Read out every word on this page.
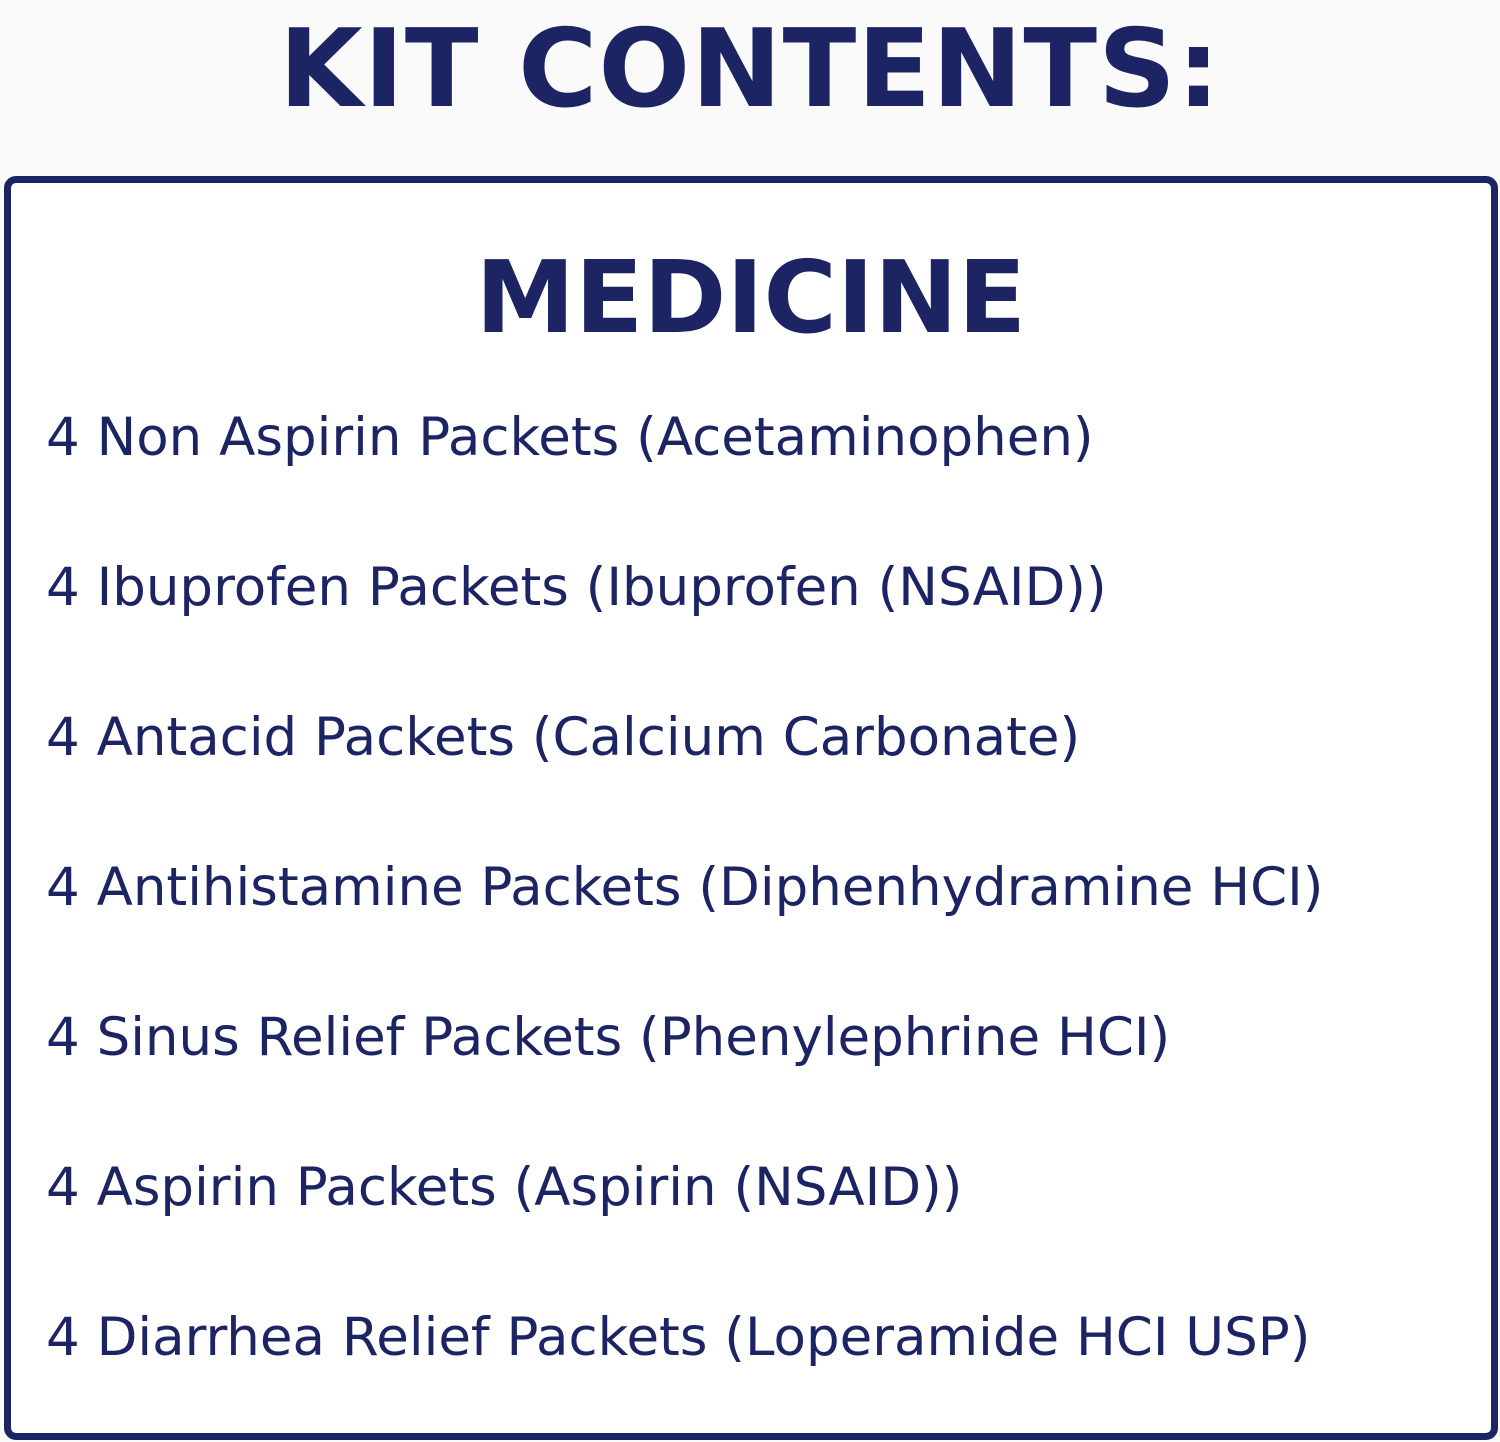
KIT CONTENTS:
MEDICINE
4 Non Aspirin Packets (Acetaminophen)
4 Ibuprofen Packets (Ibuprofen (NSAID))
4 Antacid Packets (Calcium Carbonate)
4 Antihistamine Packets (Diphenhydramine HCI)
4 Sinus Relief Packets (Phenylephrine HCI)
4 Aspirin Packets (Aspirin (NSAID))
4 Diarrhea Relief Packets (Loperamide HCI USP)
